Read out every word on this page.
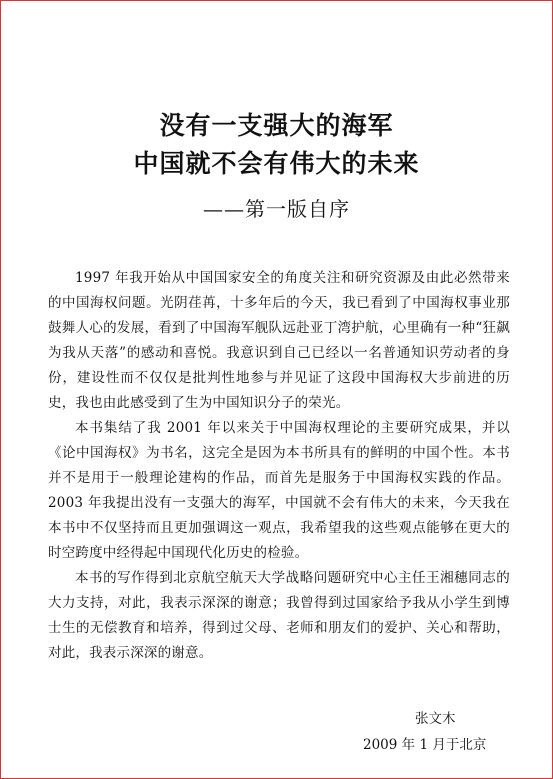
没有一支强大的海军
中国就不会有伟大的未来

——第一版自序

1997 年我开始从中国国家安全的角度关注和研究资源及由此必然带来的中国海权问题。光阴荏苒，十多年后的今天，我已看到了中国海权事业那鼓舞人心的发展，看到了中国海军舰队远赴亚丁湾护航，心里确有一种“狂飙为我从天落”的感动和喜悦。我意识到自己已经以一名普通知识劳动者的身份，建设性而不仅仅是批判性地参与并见证了这段中国海权大步前进的历史，我也由此感受到了生为中国知识分子的荣光。

本书集结了我 2001 年以来关于中国海权理论的主要研究成果，并以《论中国海权》为书名，这完全是因为本书所具有的鲜明的中国个性。本书并不是用于一般理论建构的作品，而首先是服务于中国海权实践的作品。2003 年我提出没有一支强大的海军，中国就不会有伟大的未来，今天我在本书中不仅坚持而且更加强调这一观点，我希望我的这些观点能够在更大的时空跨度中经得起中国现代化历史的检验。

本书的写作得到北京航空航天大学战略问题研究中心主任王湘穗同志的大力支持，对此，我表示深深的谢意；我曾得到过国家给予我从小学生到博士生的无偿教育和培养，得到过父母、老师和朋友们的爱护、关心和帮助，对此，我表示深深的谢意。

张文木

2009 年 1 月于北京
